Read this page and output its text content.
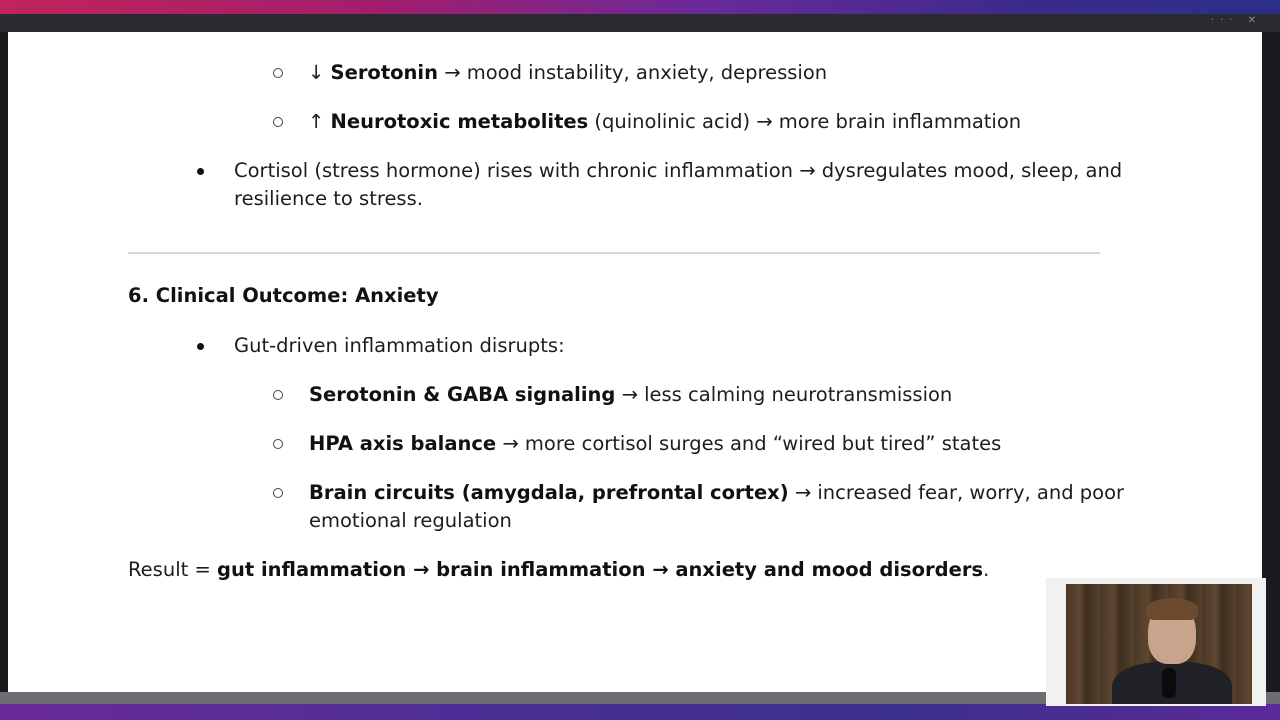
··· ✕
↓ Serotonin → mood instability, anxiety, depression
↑ Neurotoxic metabolites (quinolinic acid) → more brain inflammation
Cortisol (stress hormone) rises with chronic inflammation → dysregulates mood, sleep, and
resilience to stress.
6. Clinical Outcome: Anxiety
Gut-driven inflammation disrupts:
Serotonin & GABA signaling → less calming neurotransmission
HPA axis balance → more cortisol surges and “wired but tired” states
Brain circuits (amygdala, prefrontal cortex) → increased fear, worry, and poor
emotional regulation
Result = gut inflammation → brain inflammation → anxiety and mood disorders.
